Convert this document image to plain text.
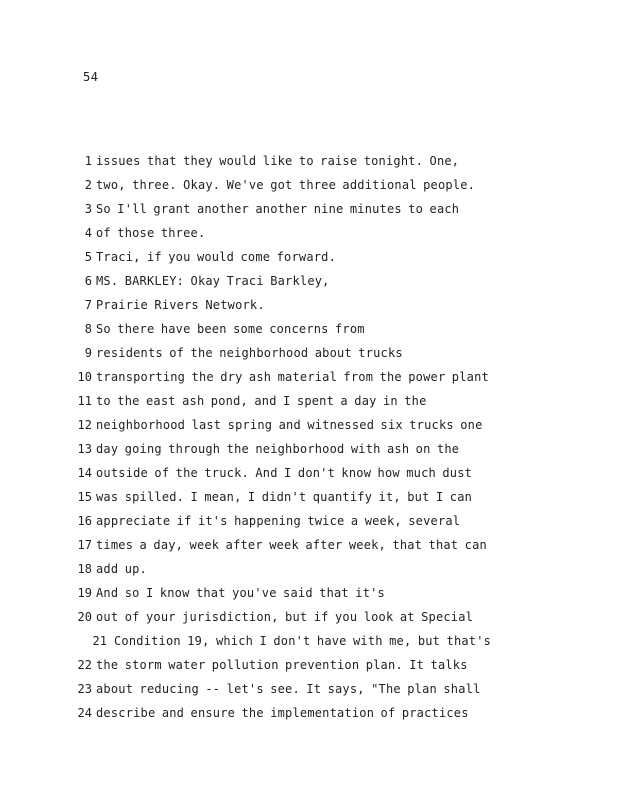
54
1 issues that they would like to raise tonight. One,
2 two, three. Okay. We've got three additional people.
3 So I'll grant another another nine minutes to each
4 of those three.
5 Traci, if you would come forward.
6 MS. BARKLEY: Okay Traci Barkley,
7 Prairie Rivers Network.
8 So there have been some concerns from
9 residents of the neighborhood about trucks
10 transporting the dry ash material from the power plant
11 to the east ash pond, and I spent a day in the
12 neighborhood last spring and witnessed six trucks one
13 day going through the neighborhood with ash on the
14 outside of the truck. And I don't know how much dust
15 was spilled. I mean, I didn't quantify it, but I can
16 appreciate if it's happening twice a week, several
17 times a day, week after week after week, that that can
18 add up.
19 And so I know that you've said that it's
20 out of your jurisdiction, but if you look at Special
21 Condition 19, which I don't have with me, but that's
22 the storm water pollution prevention plan. It talks
23 about reducing -- let's see. It says, "The plan shall
24 describe and ensure the implementation of practices
